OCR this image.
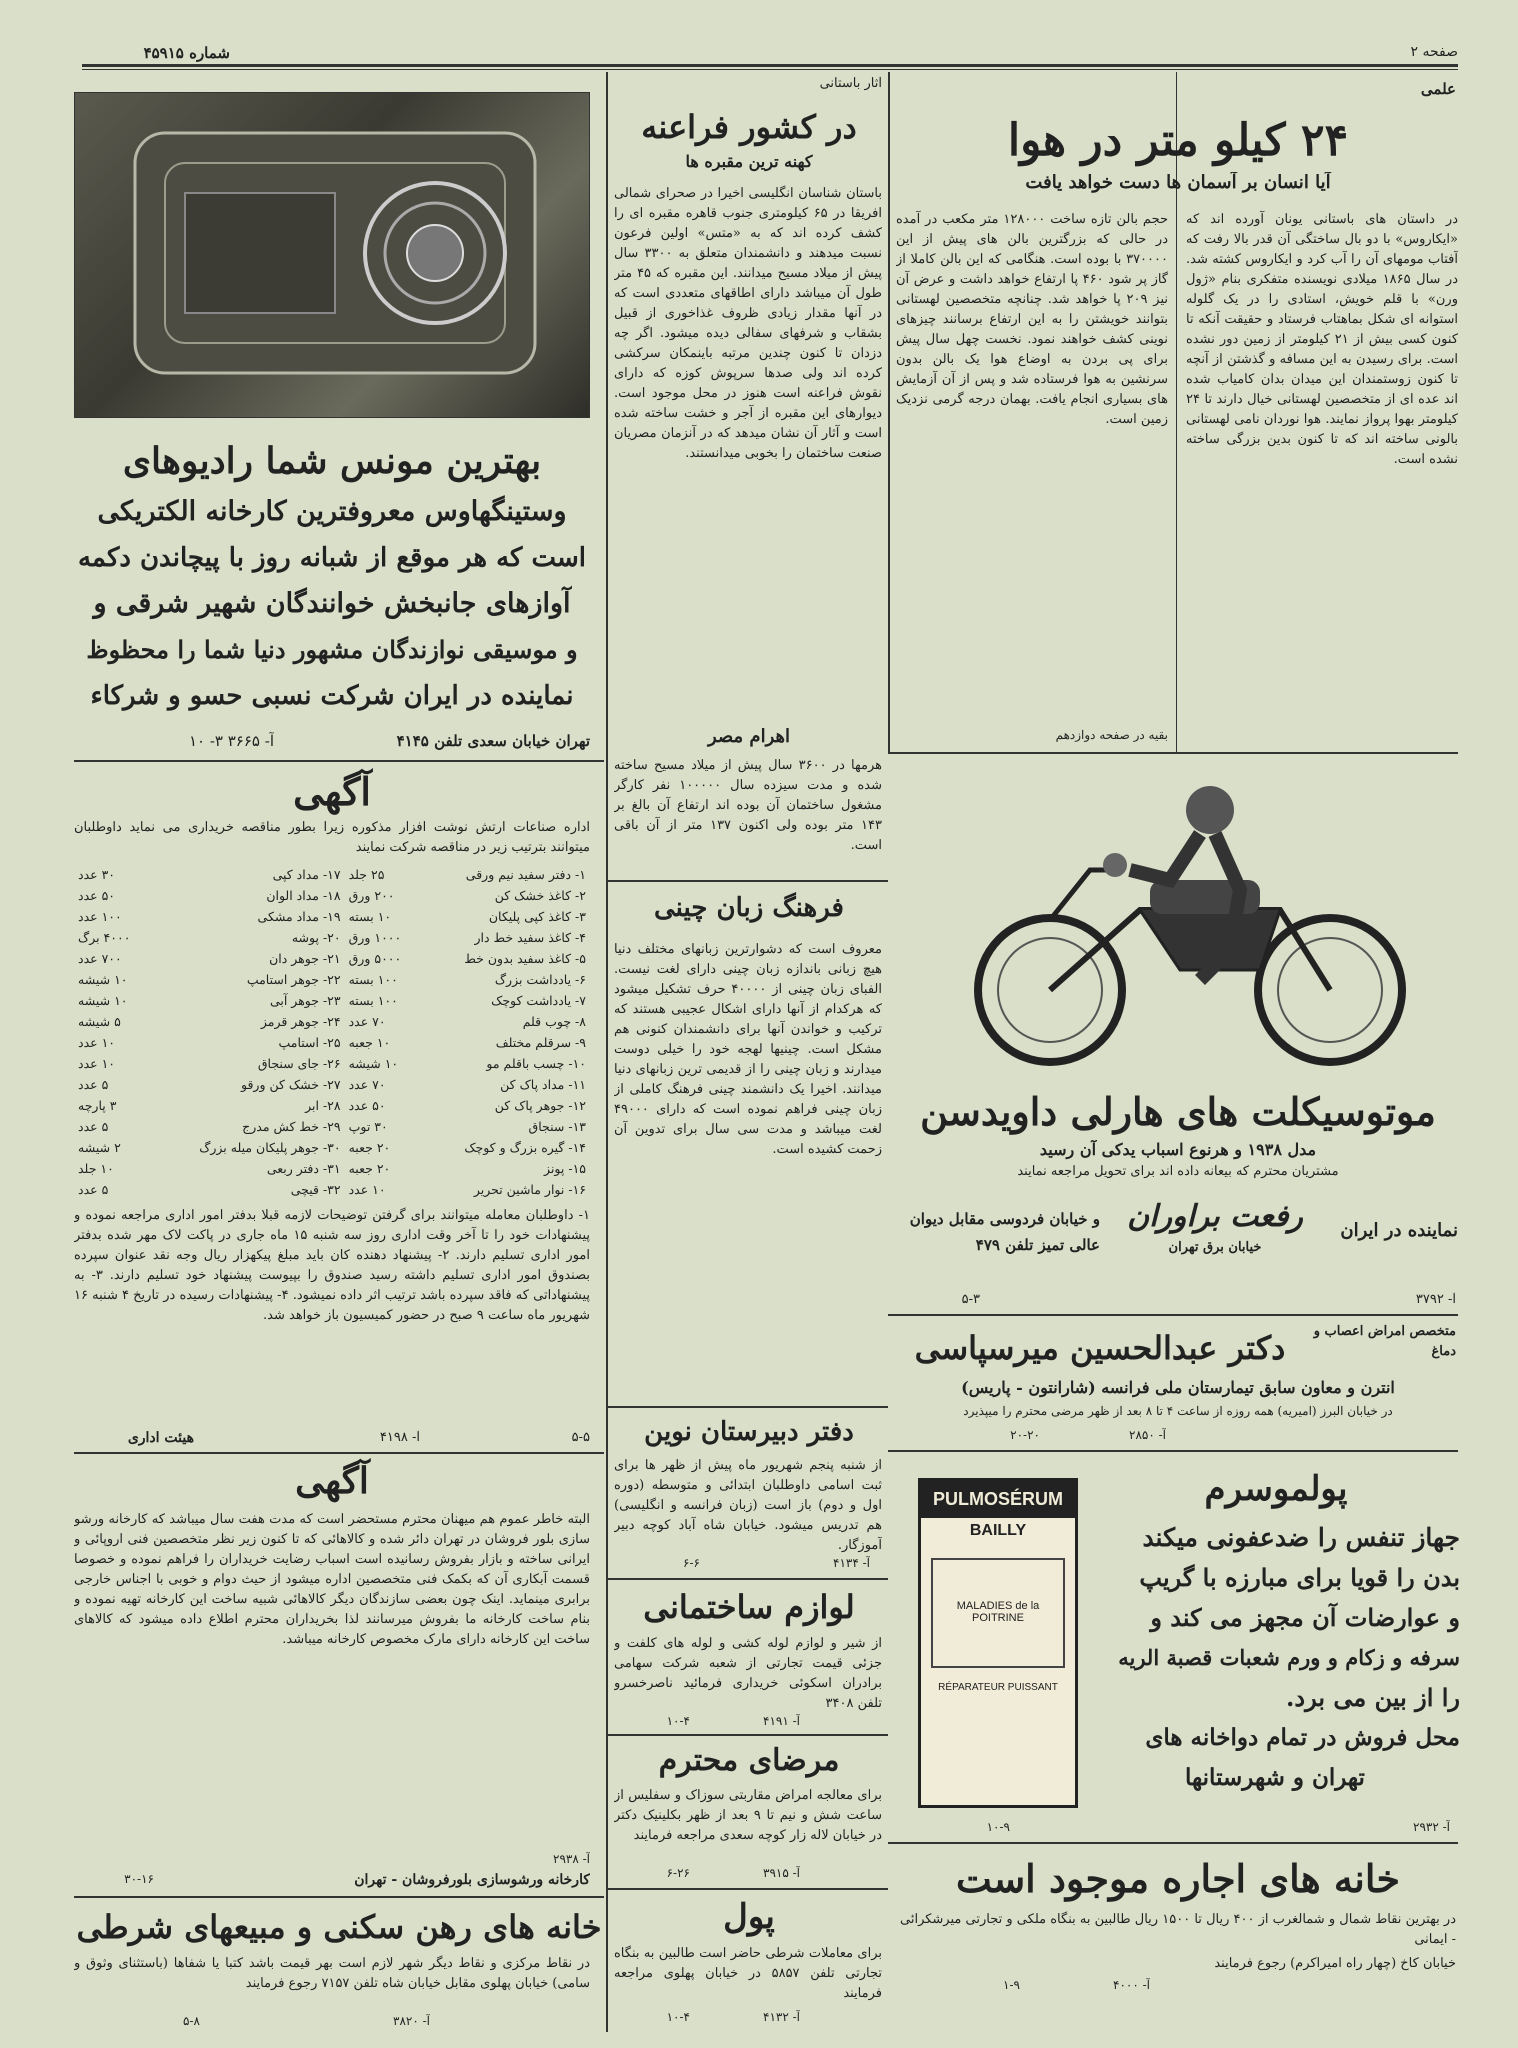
شماره ۴۵۹۱۵	صفحه ۲
علمی
۲۴ کیلو متر در هوا
آیا انسان بر آسمان ها دست خواهد یافت
در داستان های باستانی یونان آورده اند که «ایکاروس» با دو بال ساختگی آن قدر بالا رفت که آفتاب مومهای آن را آب کرد و ایکاروس کشته شد. در سال ۱۸۶۵ میلادی نویسنده متفکری بنام «ژول ورن» با قلم خویش، استادی را در یک گلوله استوانه ای شکل بماهتاب فرستاد و حقیقت آنکه تا کنون کسی بیش از ۲۱ کیلومتر از زمین دور نشده است. برای رسیدن به این مسافه و گذشتن از آنچه تا کنون زوستمندان این میدان بدان کامیاب شده اند عده ای از متخصصین لهستانی خیال دارند تا ۲۴ کیلومتر بهوا پرواز نمایند. هوا نوردان نامی لهستانی بالونی ساخته اند که تا کنون بدین بزرگی ساخته نشده است.
حجم بالن تازه ساخت ۱۲۸۰۰۰ متر مکعب در آمده در حالی که بزرگترین بالن های پیش از این ۳۷۰۰۰۰ با بوده است. هنگامی که این بالن کاملا از گاز پر شود ۴۶۰ پا ارتفاع خواهد داشت و عرض آن نیز ۲۰۹ پا خواهد شد. چنانچه متخصصین لهستانی بتوانند خویشتن را به این ارتفاع برسانند چیزهای نوینی کشف خواهند نمود. نخست چهل سال پیش برای پی بردن به اوضاع هوا یک بالن بدون سرنشین به هوا فرستاده شد و پس از آن آزمایش های بسیاری انجام یافت. بهمان درجه گرمی نزدیک زمین است.
بقیه در صفحه دوازدهم
آثار باستانی
در کشور فراعنه
کهنه ترین مقبره ها
باستان شناسان انگلیسی اخیرا در صحرای شمالی افریقا در ۶۵ کیلومتری جنوب قاهره مقبره ای را کشف کرده اند که به «متس» اولین فرعون نسبت میدهند و دانشمندان متعلق به ۳۳۰۰ سال پیش از میلاد مسیح میدانند. این مقبره که ۴۵ متر طول آن میباشد دارای اطاقهای متعددی است که در آنها مقدار زیادی ظروف غذاخوری از قبیل بشقاب و شرفهای سفالی دیده میشود. اگر چه دزدان تا کنون چندین مرتبه باینمکان سرکشی کرده اند ولی صدها سرپوش کوزه که دارای نقوش فراعنه است هنوز در محل موجود است. دیوارهای این مقبره از آجر و خشت ساخته شده است و آثار آن نشان میدهد که در آنزمان مصریان صنعت ساختمان را بخوبی میدانستند.
اهرام مصر
هرمها در ۳۶۰۰ سال پیش از میلاد مسیح ساخته شده و مدت سیزده سال ۱۰۰۰۰۰ نفر کارگر مشغول ساختمان آن بوده اند ارتفاع آن بالغ بر ۱۴۳ متر بوده ولی اکنون ۱۳۷ متر از آن باقی است.
فرهنگ زبان چینی
معروف است که دشوارترین زبانهای مختلف دنیا هیچ زبانی باندازه زبان چینی دارای لغت نیست. الفبای زبان چینی از ۴۰۰۰۰ حرف تشکیل میشود که هرکدام از آنها دارای اشکال عجیبی هستند که ترکیب و خواندن آنها برای دانشمندان کنونی هم مشکل است. چینیها لهجه خود را خیلی دوست میدارند و زبان چینی را از قدیمی ترین زبانهای دنیا میدانند. اخیرا یک دانشمند چینی فرهنگ کاملی از زبان چینی فراهم نموده است که دارای ۴۹۰۰۰ لغت میباشد و مدت سی سال برای تدوین آن زحمت کشیده است.
بهترین مونس شما رادیوهای
وستینگهاوس معروفترین کارخانه الکتریکی
است که هر موقع از شبانه روز با پیچاندن دکمه
آوازهای جانبخش خوانندگان شهیر شرقی و
و موسیقی نوازندگان مشهور دنیا شما را محظوظ
نماینده در ایران شرکت نسبی حسو و شرکاء
تهران خیابان سعدی تلفن ۴۱۴۵
آ- ۳۶۶۵ ۳- ۱۰
آگهی
اداره صناعات ارتش نوشت افزار مذکوره زیرا بطور مناقصه خریداری می نماید داوطلبان میتوانند بترتیب زیر در مناقصه شرکت نمایند
۱- دفتر سفید نیم ورقی	۲۵ جلد	۱۷- مداد کپی	۳۰ عدد
۲- کاغذ خشک کن	۲۰۰ ورق	۱۸- مداد الوان	۵۰ عدد
۳- کاغذ کپی پلیکان	۱۰ بسته	۱۹- مداد مشکی	۱۰۰ عدد
۴- کاغذ سفید خط دار	۱۰۰۰ ورق	۲۰- پوشه	۴۰۰۰ برگ
۵- کاغذ سفید بدون خط	۵۰۰۰ ورق	۲۱- جوهر دان	۷۰۰ عدد
۶- یادداشت بزرگ	۱۰۰ بسته	۲۲- جوهر استامپ	۱۰ شیشه
۷- یادداشت کوچک	۱۰۰ بسته	۲۳- جوهر آبی	۱۰ شیشه
۸- چوب قلم	۷۰ عدد	۲۴- جوهر قرمز	۵ شیشه
۹- سرقلم مختلف	۱۰ جعبه	۲۵- استامپ	۱۰ عدد
۱۰- چسب باقلم مو	۱۰ شیشه	۲۶- جای سنجاق	۱۰ عدد
۱۱- مداد پاک کن	۷۰ عدد	۲۷- خشک کن ورقو	۵ عدد
۱۲- جوهر پاک کن	۵۰ عدد	۲۸- ابر	۳ پارچه
۱۳- سنجاق	۳۰ توپ	۲۹- خط کش مدرج	۵ عدد
۱۴- گیره بزرگ و کوچک	۲۰ جعبه	۳۰- جوهر پلیکان میله بزرگ	۲ شیشه
۱۵- پونز	۲۰ جعبه	۳۱- دفتر ربعی	۱۰ جلد
۱۶- نوار ماشین تحریر	۱۰ عدد	۳۲- قیچی	۵ عدد
۱- داوطلبان معامله میتوانند برای گرفتن توضیحات لازمه قبلا بدفتر امور اداری مراجعه نموده و پیشنهادات خود را تا آخر وقت اداری روز سه شنبه ۱۵ ماه جاری در پاکت لاک مهر شده بدفتر امور اداری تسلیم دارند. ۲- پیشنهاد دهنده کان باید مبلغ پیکهزار ریال وجه نقد عنوان سپرده بصندوق امور اداری تسلیم داشته رسید صندوق را بپیوست پیشنهاد خود تسلیم دارند. ۳- به پیشنهاداتی که فاقد سپرده باشد ترتیب اثر داده نمیشود. ۴- پیشنهادات رسیده در تاریخ ۴ شنبه ۱۶ شهریور ماه ساعت ۹ صبح در حضور کمیسیون باز خواهد شد.
آ- ۴۱۹۸	۵-۵
هیئت اداری
آگهی
البته خاطر عموم هم میهنان محترم مستحضر است که مدت هفت سال میباشد که کارخانه ورشو سازی بلور فروشان در تهران دائر شده و کالاهائی که تا کنون زیر نظر متخصصین فنی اروپائی و ایرانی ساخته و بازار بفروش رسانیده است اسباب رضایت خریداران را فراهم نموده و خصوصا قسمت آبکاری آن که بکمک فنی متخصصین اداره میشود از حیث دوام و خوبی با اجناس خارجی برابری مینماید. اینک چون بعضی سازندگان دیگر کالاهائی شبیه ساخت این کارخانه تهیه نموده و بنام ساخت کارخانه ما بفروش میرسانند لذا بخریداران محترم اطلاع داده میشود که کالاهای ساخت این کارخانه دارای مارک مخصوص کارخانه میباشد.
کارخانه ورشوسازی بلورفروشان - تهران
آ- ۲۹۳۸
۳۰-۱۶
خانه های رهن سکنی و مبیعهای شرطی
در نقاط مرکزی و نقاط دیگر شهر لازم است بهر قیمت باشد کتبا یا شفاها (باستثنای وثوق و سامی) خیابان پهلوی مقابل خیابان شاه تلفن ۷۱۵۷ رجوع فرمایند
آ- ۳۸۲۰
۵-۸
دفتر دبیرستان نوین
از شنبه پنجم شهریور ماه پیش از ظهر ها برای ثبت اسامی داوطلبان ابتدائی و متوسطه (دوره اول و دوم) باز است (زبان فرانسه و انگلیسی) هم تدریس میشود. خیابان شاه آباد کوچه دبیر آموزگار.
آ- ۴۱۳۴
۶-۶
لوازم ساختمانی
از شیر و لوازم لوله کشی و لوله های کلفت و جزئی قیمت تجارتی از شعبه شرکت سهامی برادران اسکوئی خریداری فرمائید ناصرخسرو تلفن ۳۴۰۸
آ- ۴۱۹۱
۱۰-۴
مرضای محترم
برای معالجه امراض مقاربتی سوزاک و سفلیس از ساعت شش و نیم تا ۹ بعد از ظهر بکلینیک دکتر در خیابان لاله زار کوچه سعدی مراجعه فرمایند
آ- ۳۹۱۵
۶-۲۶
پول
برای معاملات شرطی حاضر است طالبین به بنگاه تجارتی تلفن ۵۸۵۷ در خیابان پهلوی مراجعه فرمایند
آ- ۴۱۳۲
۱۰-۴
موتوسیکلت های هارلی داویدسن
مدل ۱۹۳۸ و هرنوع اسباب یدکی آن رسید
مشتریان محترم که بیعانه داده اند برای تحویل مراجعه نمایند
نماینده در ایران
رفعت براوران
خیابان برق تهران
و خیابان فردوسی مقابل دیوان عالی تمیز تلفن ۴۷۹
آ- ۳۷۹۲
۵-۳
متخصص امراض اعصاب و دماغ
دکتر عبدالحسین میرسپاسی
انترن و معاون سابق تیمارستان ملی فرانسه (شارانتون - پاریس)
در خیابان البرز (امیریه) همه روزه از ساعت ۴ تا ۸ بعد از ظهر مرضی محترم را میپذیرد
آ- ۲۸۵۰
۲۰-۲۰
PULMOSÉRUM
BAILLY
MALADIES de la POITRINE
RÉPARATEUR PUISSANT
پولموسرم
جهاز تنفس را ضدعفونی میکند
بدن را قویا برای مبارزه با گریپ
و عوارضات آن مجهز می کند و
سرفه و زکام و ورم شعبات قصبة الریه
را از بین می برد.
محل فروش در تمام دواخانه های
تهران و شهرستانها
آ- ۲۹۳۲
۱۰-۹
خانه های اجاره موجود است
در بهترین نقاط شمال و شمالغرب از ۴۰۰ ریال تا ۱۵۰۰ ریال طالبین به بنگاه ملکی و تجارتی میرشکرائی - ایمانی
خیابان کاخ (چهار راه امیراکرم) رجوع فرمایند
آ- ۴۰۰۰
۱-۹
